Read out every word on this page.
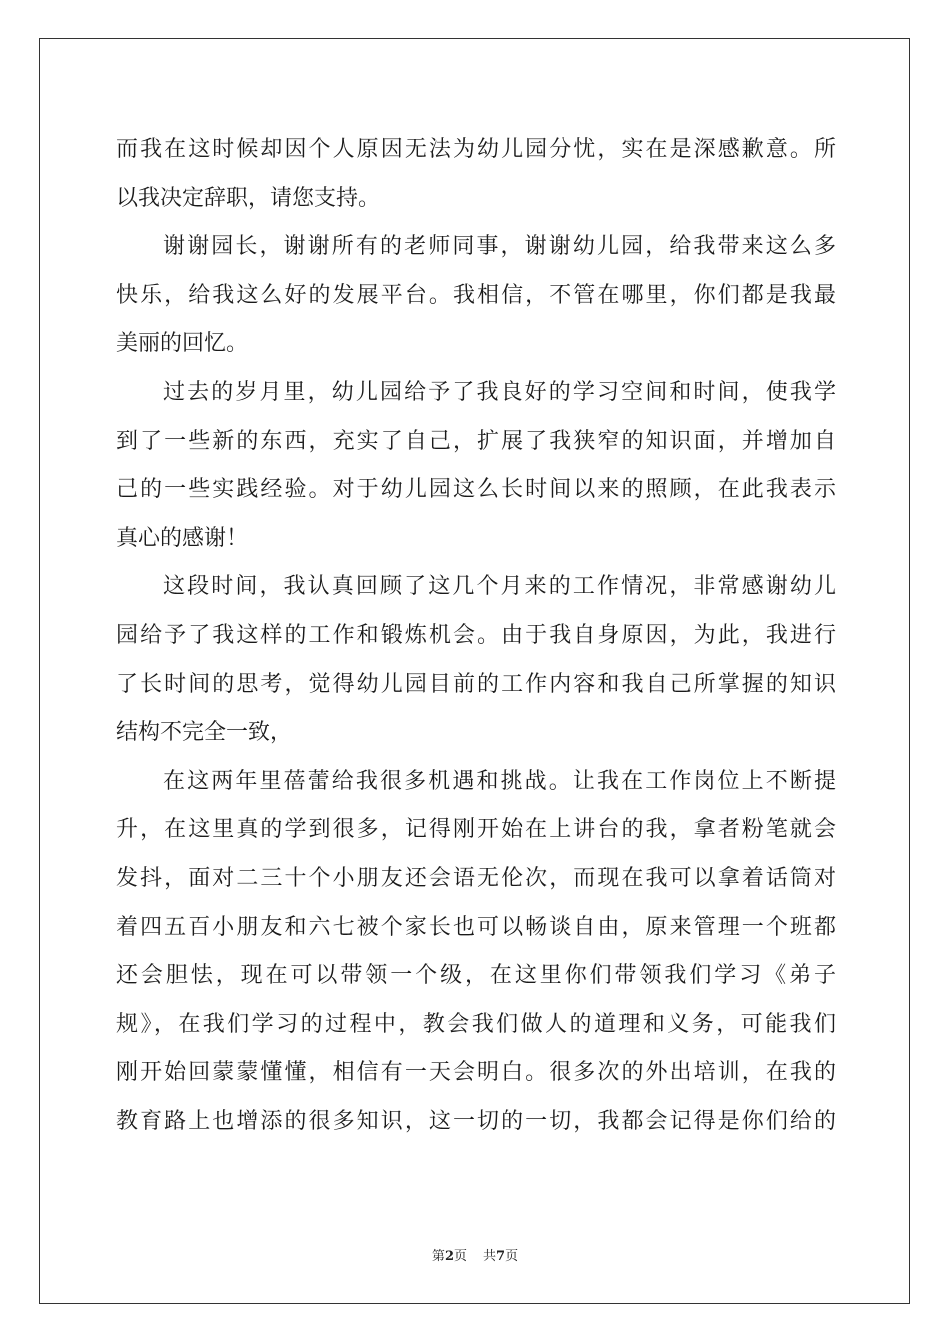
而我在这时候却因个人原因无法为幼儿园分忧，实在是深感歉意。所
以我决定辞职，请您支持。
谢谢园长，谢谢所有的老师同事，谢谢幼儿园，给我带来这么多
快乐，给我这么好的发展平台。我相信，不管在哪里，你们都是我最
美丽的回忆。
过去的岁月里，幼儿园给予了我良好的学习空间和时间，使我学
到了一些新的东西，充实了自己，扩展了我狭窄的知识面，并增加自
己的一些实践经验。对于幼儿园这么长时间以来的照顾，在此我表示
真心的感谢！
这段时间，我认真回顾了这几个月来的工作情况，非常感谢幼儿
园给予了我这样的工作和锻炼机会。由于我自身原因，为此，我进行
了长时间的思考，觉得幼儿园目前的工作内容和我自己所掌握的知识
结构不完全一致，
在这两年里蓓蕾给我很多机遇和挑战。让我在工作岗位上不断提
升，在这里真的学到很多，记得刚开始在上讲台的我，拿者粉笔就会
发抖，面对二三十个小朋友还会语无伦次，而现在我可以拿着话筒对
着四五百小朋友和六七被个家长也可以畅谈自由，原来管理一个班都
还会胆怯，现在可以带领一个级，在这里你们带领我们学习《弟子
规》，在我们学习的过程中，教会我们做人的道理和义务，可能我们
刚开始回蒙蒙懂懂，相信有一天会明白。很多次的外出培训，在我的
教育路上也增添的很多知识，这一切的一切，我都会记得是你们给的
第2页 共7页
